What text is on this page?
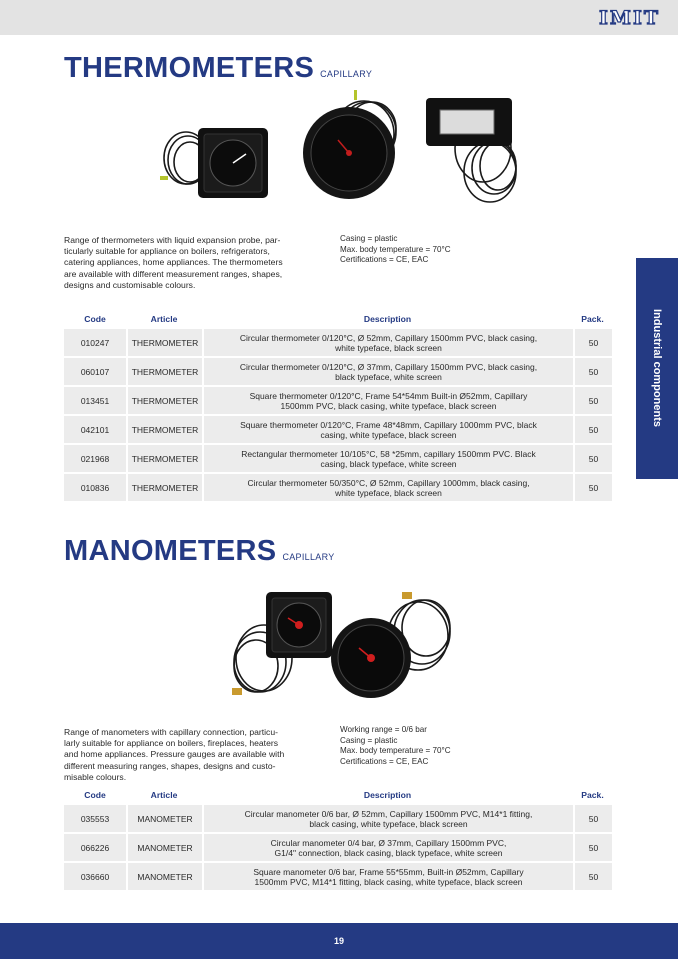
IMIT
Industrial components
THERMOMETERS CAPILLARY
Range of thermometers with liquid expansion probe, par-
ticularly suitable for appliance on boilers, refrigerators,
catering appliances, home appliances. The thermometers
are available with different measurement ranges, shapes,
designs and customisable colours.
Casing = plastic
Max. body temperature = 70°C
Certifications = CE, EAC
Code	Article	Description	Pack.
010247	THERMOMETER	Circular thermometer 0/120°C, Ø 52mm, Capillary 1500mm PVC, black casing,
white typeface, black screen	50
060107	THERMOMETER	Circular thermometer 0/120°C, Ø 37mm, Capillary 1500mm PVC, black casing,
black typeface, white screen	50
013451	THERMOMETER	Square thermometer 0/120°C, Frame 54*54mm Built-in Ø52mm, Capillary
1500mm PVC, black casing, white typeface, black screen	50
042101	THERMOMETER	Square thermometer 0/120°C, Frame 48*48mm, Capillary 1000mm PVC, black
casing, white typeface, black screen	50
021968	THERMOMETER	Rectangular thermometer 10/105°C, 58 *25mm, capillary 1500mm PVC. Black
casing, black typeface, white screen	50
010836	THERMOMETER	Circular thermometer 50/350°C, Ø 52mm, Capillary 1000mm, black casing,
white typeface, black screen	50
MANOMETERS CAPILLARY
Range of manometers with capillary connection, particu-
larly suitable for appliance on boilers, fireplaces, heaters
and home appliances. Pressure gauges are available with
different measuring ranges, shapes, designs and custo-
misable colours.
Working range = 0/6 bar
Casing = plastic
Max. body temperature = 70°C
Certifications = CE, EAC
Code	Article	Description	Pack.
035553	MANOMETER	Circular manometer 0/6 bar, Ø 52mm, Capillary 1500mm PVC, M14*1 fitting,
black casing, white typeface, black screen	50
066226	MANOMETER	Circular manometer 0/4 bar, Ø 37mm, Capillary 1500mm PVC,
G1/4" connection, black casing, black typeface, white screen	50
036660	MANOMETER	Square manometer 0/6 bar, Frame 55*55mm, Built-in Ø52mm, Capillary
1500mm PVC, M14*1 fitting, black casing, white typeface, black screen	50
19
